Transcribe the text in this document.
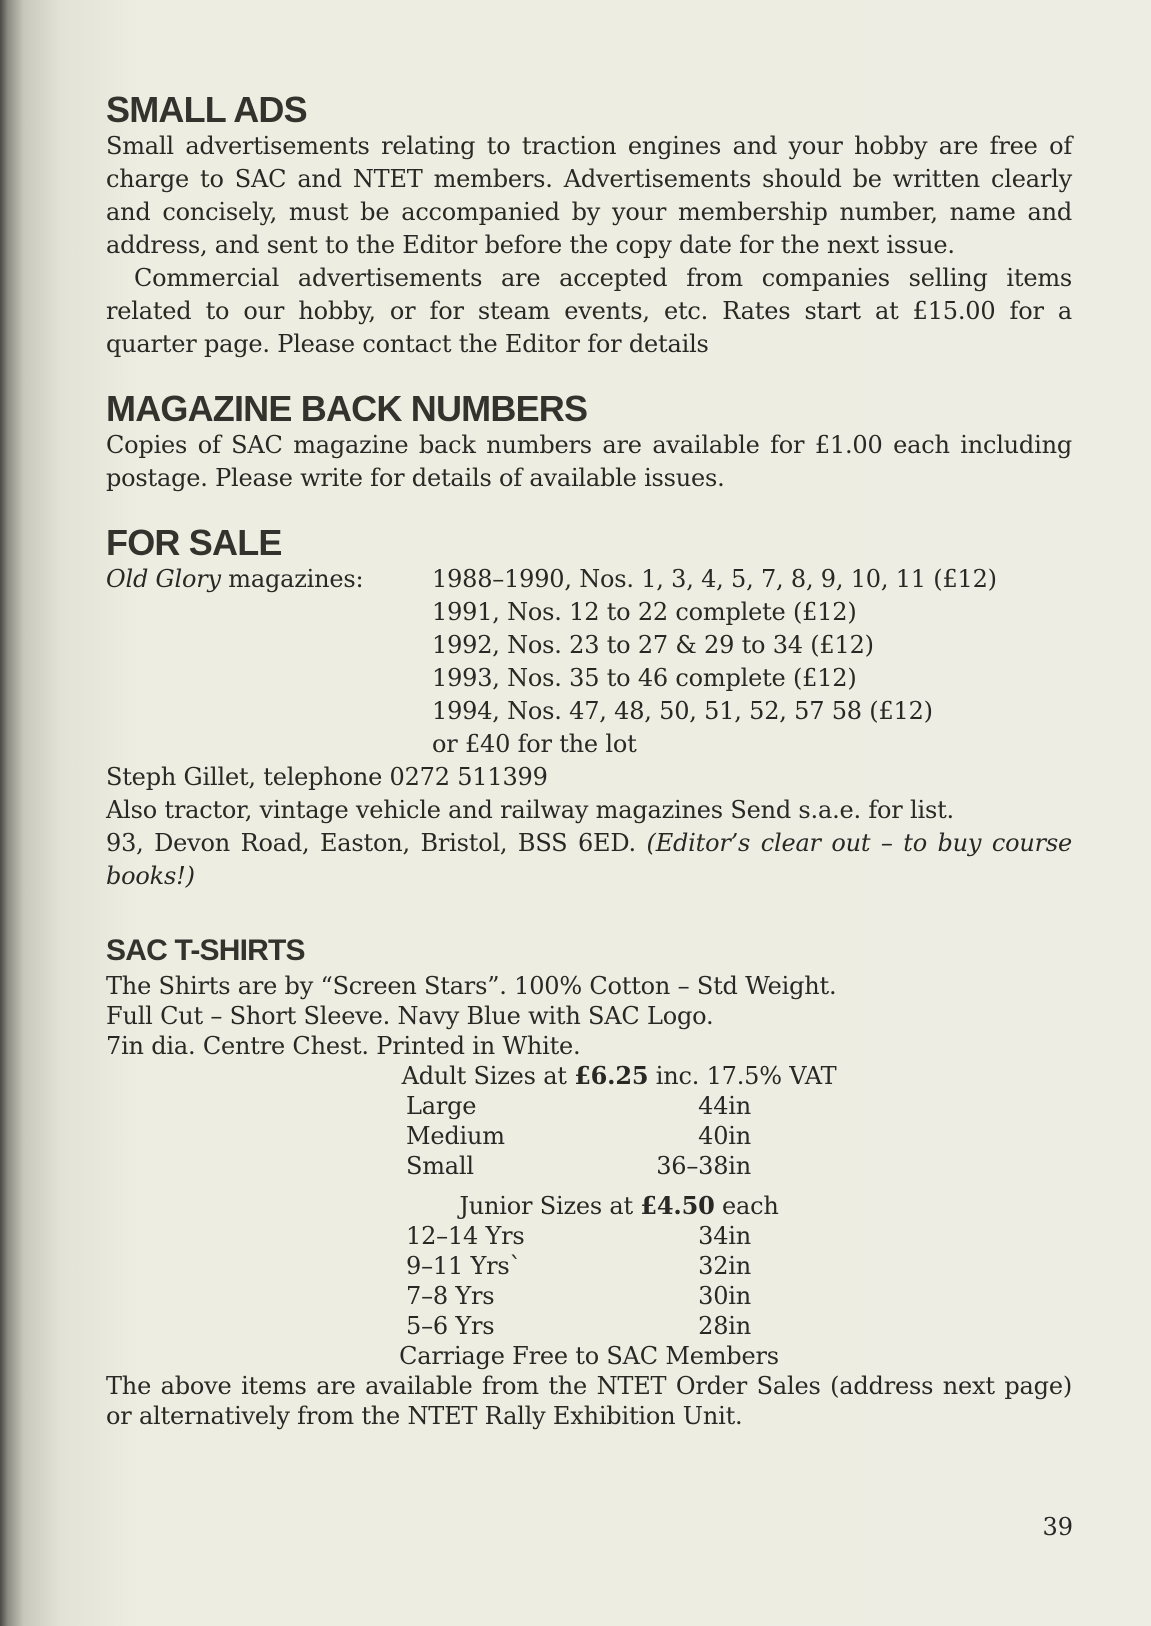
SMALL ADS

Small advertisements relating to traction engines and your hobby are free of charge to SAC and NTET members. Advertisements should be written clearly and concisely, must be accompanied by your membership number, name and address, and sent to the Editor before the copy date for the next issue.

Commercial advertisements are accepted from companies selling items related to our hobby, or for steam events, etc. Rates start at £15.00 for a quarter page. Please contact the Editor for details

MAGAZINE BACK NUMBERS

Copies of SAC magazine back numbers are available for £1.00 each including postage. Please write for details of available issues.

FOR SALE
Old Glory magazines:	1988–1990, Nos. 1, 3, 4, 5, 7, 8, 9, 10, 11 (£12)
1991, Nos. 12 to 22 complete (£12)
1992, Nos. 23 to 27 & 29 to 34 (£12)
1993, Nos. 35 to 46 complete (£12)
1994, Nos. 47, 48, 50, 51, 52, 57 58 (£12)
or £40 for the lot
Steph Gillet, telephone 0272 511399
Also tractor, vintage vehicle and railway magazines Send s.a.e. for list.

93, Devon Road, Easton, Bristol, BSS 6ED. (Editor’s clear out – to buy course books!)

SAC T-SHIRTS
The Shirts are by “Screen Stars”. 100% Cotton – Std Weight.
Full Cut – Short Sleeve. Navy Blue with SAC Logo.
7in dia. Centre Chest. Printed in White.
Adult Sizes at £6.25 inc. 17.5% VAT
Large	44in
Medium	40in
Small	36–38in
Junior Sizes at £4.50 each
12–14 Yrs	34in
9–11 Yrs`	32in
7–8 Yrs	30in
5–6 Yrs	28in
Carriage Free to SAC Members

The above items are available from the NTET Order Sales (address next page) or alternatively from the NTET Rally Exhibition Unit.

39
